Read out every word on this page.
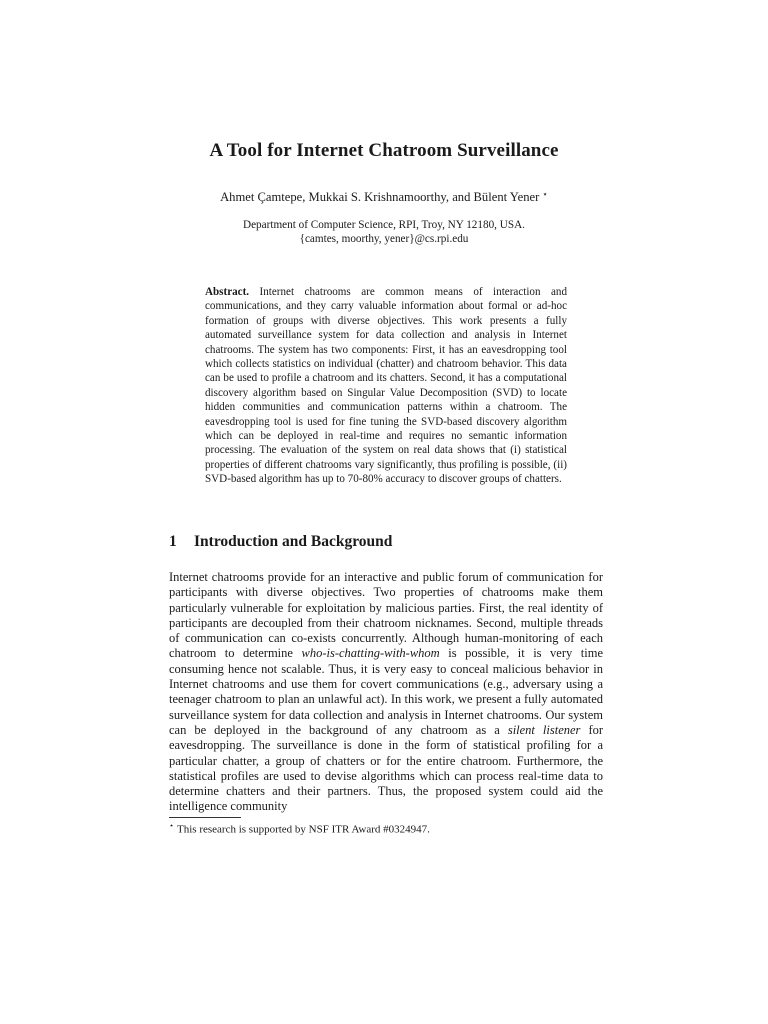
A Tool for Internet Chatroom Surveillance
Ahmet Çamtepe, Mukkai S. Krishnamoorthy, and Bülent Yener ⋆
Department of Computer Science, RPI, Troy, NY 12180, USA.
{camtes, moorthy, yener}@cs.rpi.edu
Abstract. Internet chatrooms are common means of interaction and communications, and they carry valuable information about formal or ad-hoc formation of groups with diverse objectives. This work presents a fully automated surveillance system for data collection and analysis in Internet chatrooms. The system has two components: First, it has an eavesdropping tool which collects statistics on individual (chatter) and chatroom behavior. This data can be used to profile a chatroom and its chatters. Second, it has a computational discovery algorithm based on Singular Value Decomposition (SVD) to locate hidden communities and communication patterns within a chatroom. The eavesdropping tool is used for fine tuning the SVD-based discovery algorithm which can be deployed in real-time and requires no semantic information processing. The evaluation of the system on real data shows that (i) statistical properties of different chatrooms vary significantly, thus profiling is possible, (ii) SVD-based algorithm has up to 70-80% accuracy to discover groups of chatters.
1 Introduction and Background
Internet chatrooms provide for an interactive and public forum of communication for participants with diverse objectives. Two properties of chatrooms make them particularly vulnerable for exploitation by malicious parties. First, the real identity of participants are decoupled from their chatroom nicknames. Second, multiple threads of communication can co-exists concurrently. Although human-monitoring of each chatroom to determine who-is-chatting-with-whom is possible, it is very time consuming hence not scalable. Thus, it is very easy to conceal malicious behavior in Internet chatrooms and use them for covert communications (e.g., adversary using a teenager chatroom to plan an unlawful act). In this work, we present a fully automated surveillance system for data collection and analysis in Internet chatrooms. Our system can be deployed in the background of any chatroom as a silent listener for eavesdropping. The surveillance is done in the form of statistical profiling for a particular chatter, a group of chatters or for the entire chatroom. Furthermore, the statistical profiles are used to devise algorithms which can process real-time data to determine chatters and their partners. Thus, the proposed system could aid the intelligence community
⋆ This research is supported by NSF ITR Award #0324947.
